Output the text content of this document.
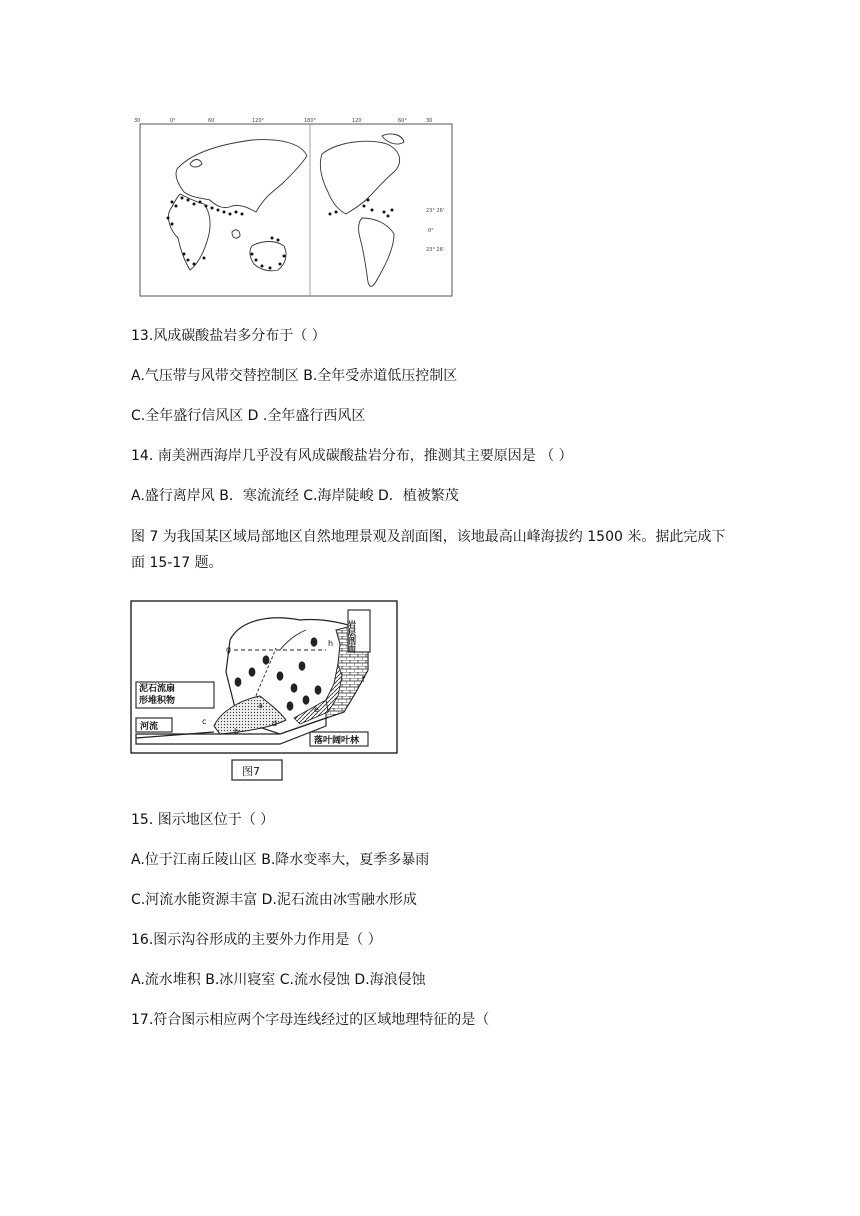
30	0°	60	120°	180°	120	60°	30
23° 26'
0°
23° 26'
13.风成碳酸盐岩多分布于（ ）
A.气压带与风带交替控制区 B.全年受赤道低压控制区
C.全年盛行信风区 D .全年盛行西风区
14. 南美洲西海岸几乎没有风成碳酸盐岩分布，推测其主要原因是 （ ）
A.盛行离岸风 B．寒流流经 C.海岸陡峻 D．植被繁茂
图 7 为我国某区域局部地区自然地理景观及剖面图，该地最高山峰海拔约 1500 米。据此完成下面 15-17 题。
g
h
f
a
b
c	d
e
岩层剖面
泥石流扇形堆积物
河流
落叶阔叶林
图7
15. 图示地区位于（ ）
A.位于江南丘陵山区 B.降水变率大，夏季多暴雨
C.河流水能资源丰富 D.泥石流由冰雪融水形成
16.图示沟谷形成的主要外力作用是（ ）
A.流水堆积 B.冰川寝室 C.流水侵蚀 D.海浪侵蚀
17.符合图示相应两个字母连线经过的区域地理特征的是（
